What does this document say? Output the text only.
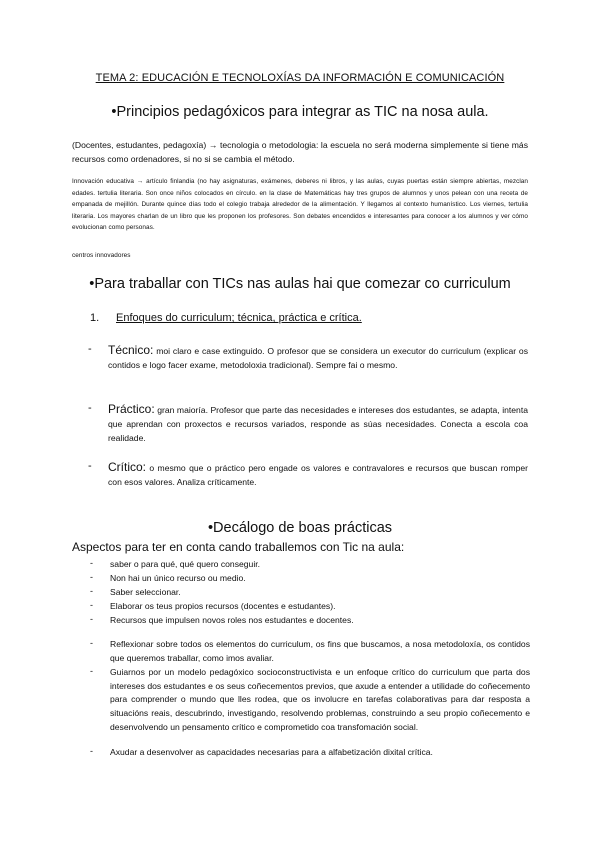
TEMA 2: EDUCACIÓN E TECNOLOXÍAS DA INFORMACIÓN E COMUNICACIÓN
•Principios pedagóxicos para integrar as TIC na nosa aula.
(Docentes, estudantes, pedagoxía) → tecnologia o metodologia: la escuela no será moderna simplemente si tiene más recursos como ordenadores, si no si se cambia el método.
Innovación educativa → artículo finlandia (no hay asignaturas, exámenes, deberes ni libros, y las aulas, cuyas puertas están siempre abiertas, mezclan edades. tertulia literaria. Son once niños colocados en círculo. en la clase de Matemáticas hay tres grupos de alumnos y unos pelean con una receta de empanada de mejillón. Durante quince días todo el colegio trabaja alrededor de la alimentación. Y llegamos al contexto humanístico. Los viernes, tertulia literaria. Los mayores charlan de un libro que les proponen los profesores. Son debates encendidos e interesantes para conocer a los alumnos y ver cómo evolucionan como personas.
centros innovadores
•Para traballar con TICs nas aulas hai que comezar co curriculum
1. Enfoques do curriculum; técnica, práctica e crítica.
- Técnico: moi claro e case extinguido. O profesor que se considera un executor do curriculum (explicar os contidos e logo facer exame, metodoloxia tradicional). Sempre fai o mesmo.
- Práctico: gran maioría. Profesor que parte das necesidades e intereses dos estudantes, se adapta, intenta que aprendan con proxectos e recursos variados, responde as súas necesidades. Conecta a escola coa realidade.
- Crítico: o mesmo que o práctico pero engade os valores e contravalores e recursos que buscan romper con esos valores. Analiza críticamente.
•Decálogo de boas prácticas
Aspectos para ter en conta cando traballemos con Tic na aula:
- saber o para qué, qué quero conseguir.
- Non hai un único recurso ou medio.
- Saber seleccionar.
- Elaborar os teus propios recursos (docentes e estudantes).
- Recursos que impulsen novos roles nos estudantes e docentes.
- Reflexionar sobre todos os elementos do curriculum, os fins que buscamos, a nosa metodoloxía, os contidos que queremos traballar, como imos avaliar.
- Guiarnos por un modelo pedagóxico socioconstructivista e un enfoque crítico do curriculum que parta dos intereses dos estudantes e os seus coñecementos previos, que axude a entender a utilidade do coñecemento para comprender o mundo que lles rodea, que os involucre en tarefas colaborativas para dar resposta a situacións reais, descubrindo, investigando, resolvendo problemas, construindo a seu propio coñecemento e desenvolvendo un pensamento crítico e comprometido coa transfomación social.
- Axudar a desenvolver as capacidades necesarias para a alfabetización dixital crítica.
